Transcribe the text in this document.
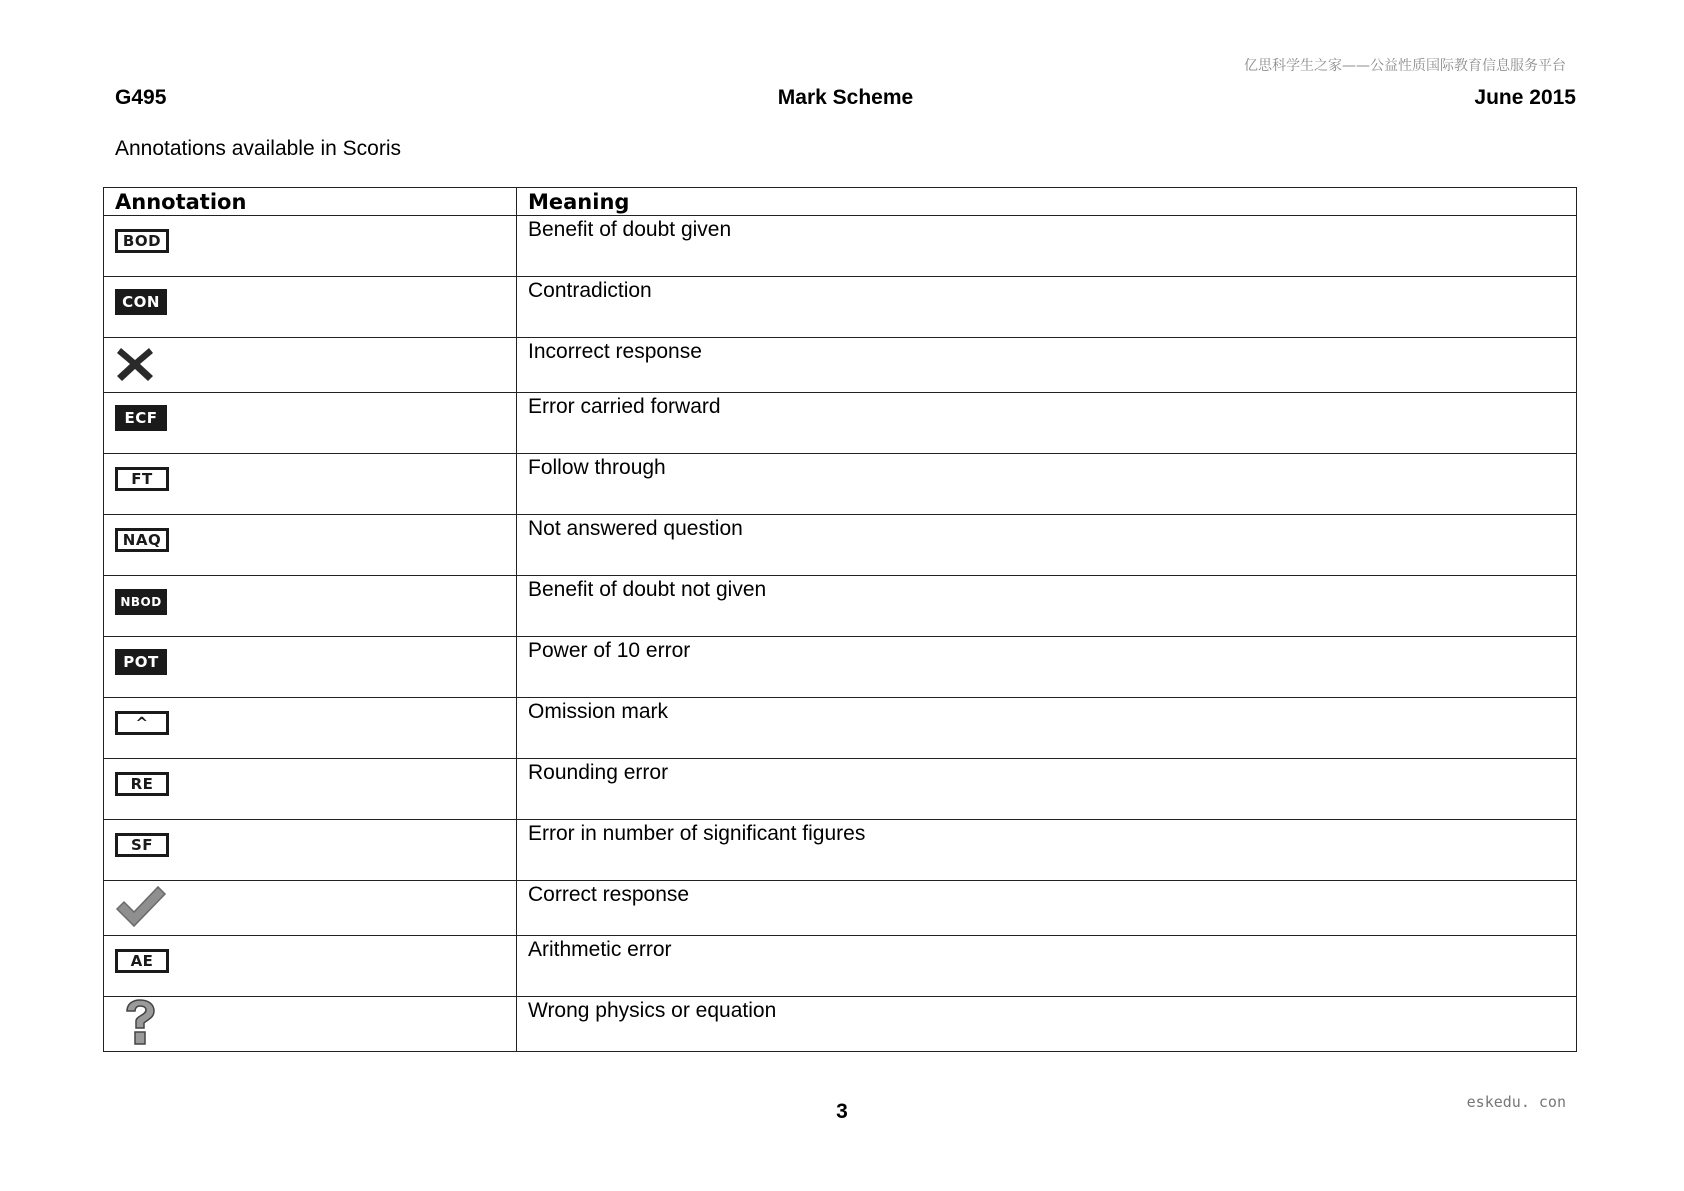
亿思科学生之家——公益性质国际教育信息服务平台
G495	Mark Scheme	June 2015
Annotations available in Scoris
Annotation	Meaning
BOD	Benefit of doubt given
CON	Contradiction
	Incorrect response
ECF	Error carried forward
FT	Follow through
NAQ	Not answered question
NBOD	Benefit of doubt not given
POT	Power of 10 error
^	Omission mark
RE	Rounding error
SF	Error in number of significant figures
	Correct response
AE	Arithmetic error
	Wrong physics or equation
3	eskedu. con
